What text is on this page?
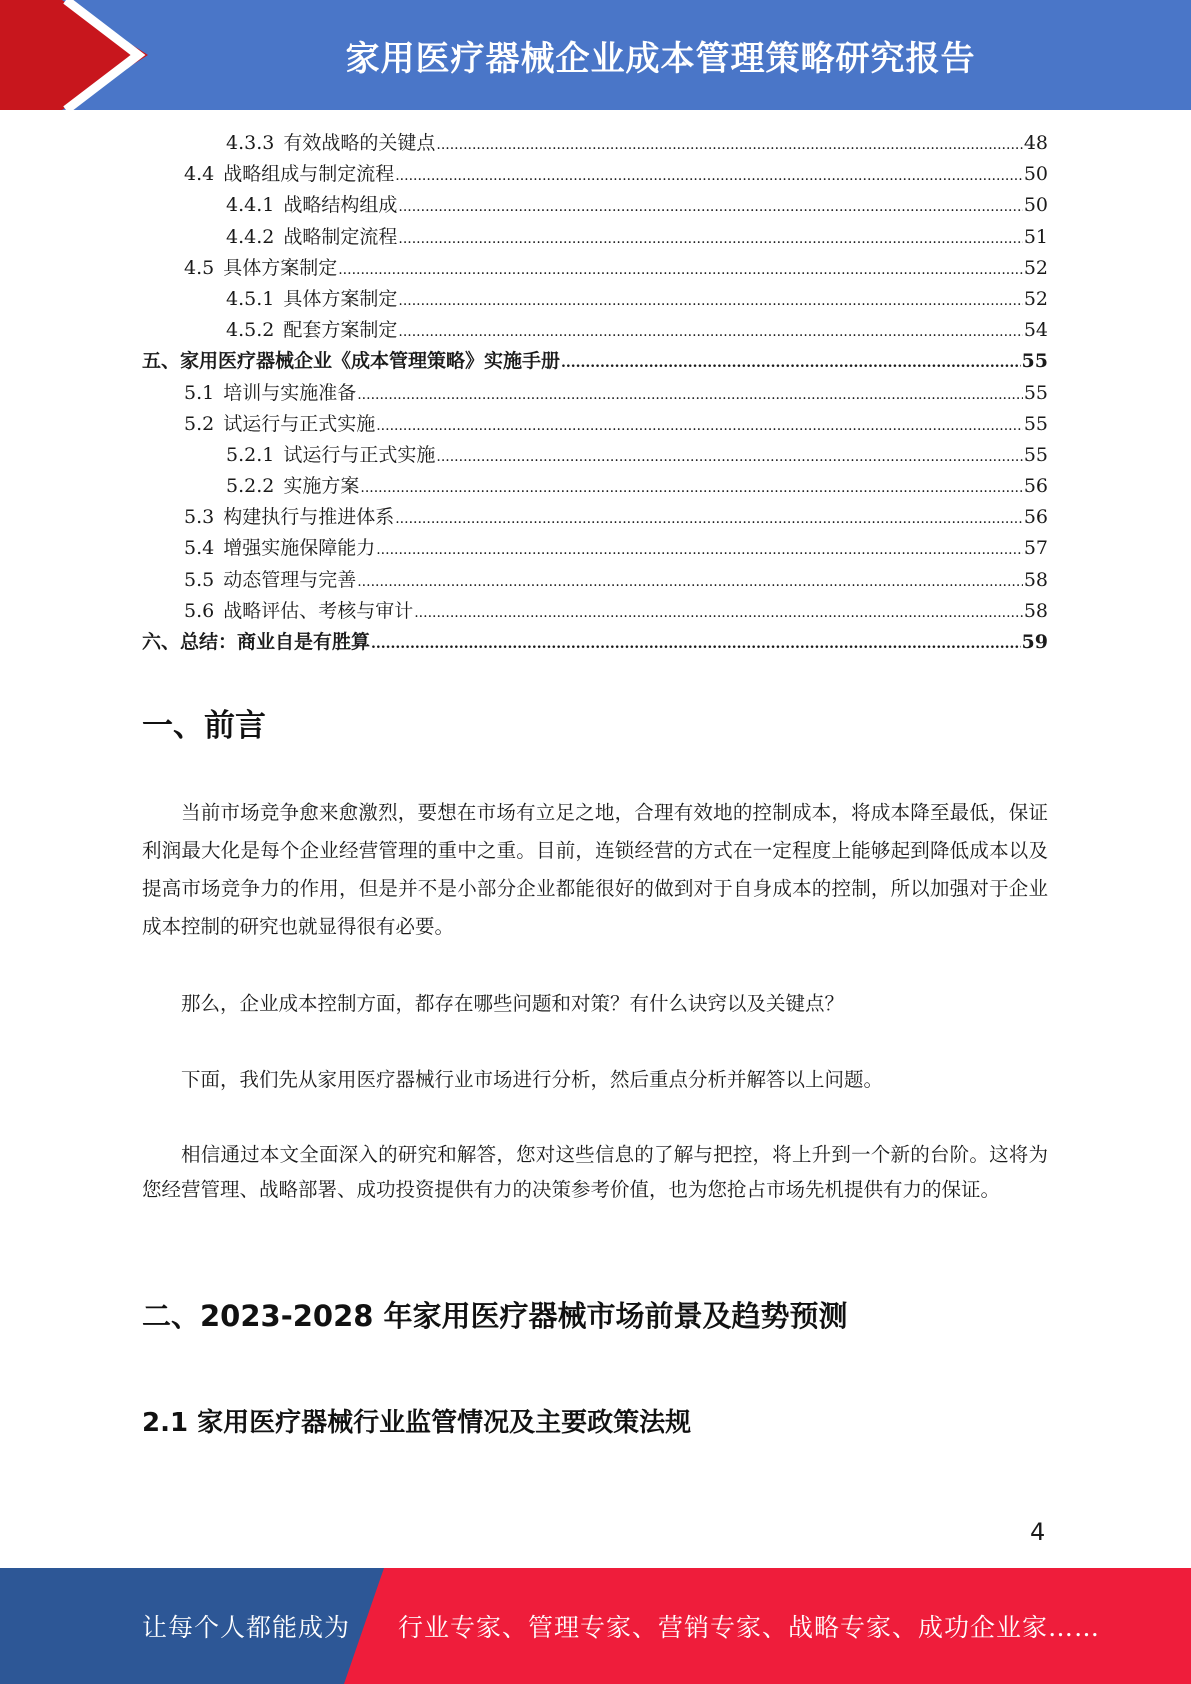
家用医疗器械企业成本管理策略研究报告
4.3.3 有效战略的关键点 .....	48
4.4 战略组成与制定流程 .....	50
4.4.1 战略结构组成 .....	50
4.4.2 战略制定流程 .....	51
4.5 具体方案制定 .....	52
4.5.1 具体方案制定 .....	52
4.5.2 配套方案制定 .....	54
五、家用医疗器械企业《成本管理策略》实施手册 .....	55
5.1 培训与实施准备 .....	55
5.2 试运行与正式实施 .....	55
5.2.1 试运行与正式实施 .....	55
5.2.2 实施方案 .....	56
5.3 构建执行与推进体系 .....	56
5.4 增强实施保障能力 .....	57
5.5 动态管理与完善 .....	58
5.6 战略评估、考核与审计 .....	58
六、总结：商业自是有胜算 .....	59
一、前言
当前市场竞争愈来愈激烈，要想在市场有立足之地，合理有效地的控制成本，将成本降至最低，保证利润最大化是每个企业经营管理的重中之重。目前，连锁经营的方式在一定程度上能够起到降低成本以及提高市场竞争力的作用，但是并不是小部分企业都能很好的做到对于自身成本的控制，所以加强对于企业成本控制的研究也就显得很有必要。
那么，企业成本控制方面，都存在哪些问题和对策？有什么诀窍以及关键点？
下面，我们先从家用医疗器械行业市场进行分析，然后重点分析并解答以上问题。
相信通过本文全面深入的研究和解答，您对这些信息的了解与把控，将上升到一个新的台阶。这将为您经营管理、战略部署、成功投资提供有力的决策参考价值，也为您抢占市场先机提供有力的保证。
二、2023-2028 年家用医疗器械市场前景及趋势预测
2.1 家用医疗器械行业监管情况及主要政策法规
4
让每个人都能成为 行业专家、管理专家、营销专家、战略专家、成功企业家……
